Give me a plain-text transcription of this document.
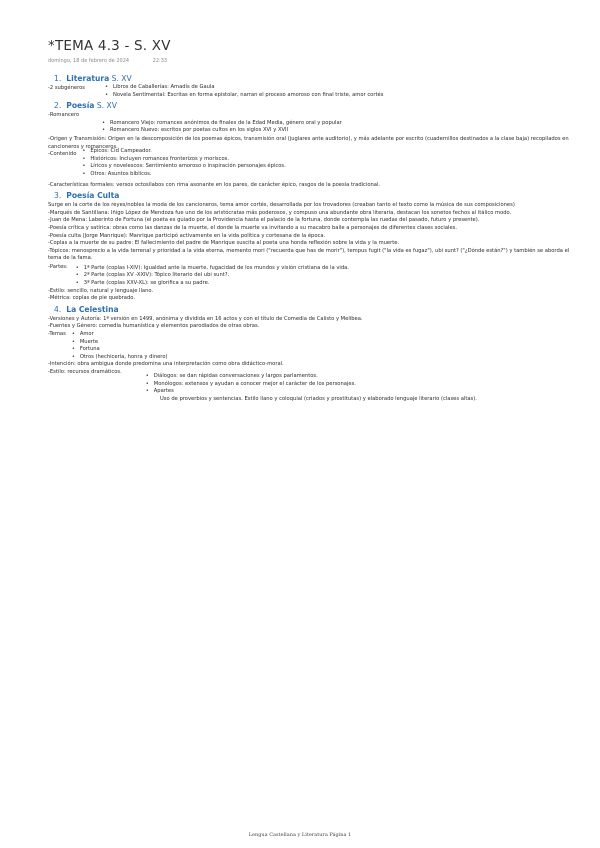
*TEMA 4.3 - S. XV
domingo, 18 de febrero de 2024	22:33
1. Literatura S. XV
-2 subgéneros	• Libros de Caballerías: Amadís de Gaula
• Novela Sentimental: Escritas en forma epistolar, narran el proceso amoroso con final triste, amor cortés
2. Poesía S. XV

-Romancero

• Romancero Viejo: romances anónimos de finales de la Edad Media, género oral y popular
• Romancero Nuevo: escritos por poetas cultos en los siglos XVI y XVII

-Origen y Transmisión: Origen en la descomposición de los poemas épicos, transmisión oral (juglares ante auditorio), y más adelante por escrito (cuadernillos destinados a la clase baja) recopilados en cancioneros y romanceros.

-Contenido	• Épicos: Cid Campeador.
• Históricos: Incluyen romances fronterizos y moriscos.
• Líricos y novelescos: Sentimiento amoroso o inspiración personajes épicos.
• Otros: Asuntos bíblicos.

-Características formales: versos octosílabos con rima asonante en los pares, de carácter épico, rasgos de la poesía tradicional.

3. Poesía Culta

Surge en la corte de los reyes/nobles la moda de los cancioneros, tema amor cortés, desarrollada por los trovadores (creaban tanto el texto como la música de sus composiciones)

-Marqués de Santillana: Iñigo López de Mendoza fue uno de los aristócratas más poderosos, y compuso una abundante obra literaria, destacan los sonetos fechos al itálico modo.

-Juan de Mena: Laberinto de Fortuna (el poeta es guiado por la Providencia hasta el palacio de la fortuna, donde contempla las ruedas del pasado, futuro y presente).

-Poesía crítica y satírica: obras como las danzas de la muerte, el donde la muerte va invitando a su macabro baile a personajes de diferentes clases sociales.

-Poesía culta (Jorge Manrique): Manrique participó activamente en la vida política y cortesana de la época.

-Coplas a la muerte de su padre: El fallecimiento del padre de Manrique suscita al poeta una honda reflexión sobre la vida y la muerte.

-Tópicos: menosprecio a la vida terrenal y prioridad a la vida eterna, memento mori ("recuerda que has de morir"), tempus fugit ("la vida es fugaz"), ubi sunt? ("¿Dónde están?") y también se aborda el tema de la fama.

-Partes:	• 1ª Parte (coplas I-XIV): Igualdad ante la muerte, fugacidad de los mundos y visión cristiana de la vida.
• 2ª Parte (coplas XV -XXIV): Tópico literario del ubi sunt?.
• 3ª Parte (coplas XXV-XL): se glorifica a su padre.

-Estilo: sencillo, natural y lenguaje llano.

-Métrica: coplas de pie quebrado.

4. La Celestina

-Versiones y Autoría: 1ª versión en 1499, anónima y dividida en 16 actos y con el título de Comedia de Calisto y Melibea.

-Fuentes y Género: comedia humanística y elementos parodiados de otras obras.

-Temas	• Amor
• Muerte
• Fortuna
• Otros (hechicería, honra y dinero)

-Intención: obra ambigua donde predomina una interpretación como obra didáctico-moral.

-Estilo: recursos dramáticos.
• Diálogos: se dan rápidas conversaciones y largos parlamentos.
• Monólogos: extensos y ayudan a conocer mejor el carácter de los personajes.
• Apartes

Uso de proverbios y sentencias. Estilo llano y coloquial (criados y prostitutas) y elaborado lenguaje literario (clases altas).

Lengua Castellana y Literatura Página 1
